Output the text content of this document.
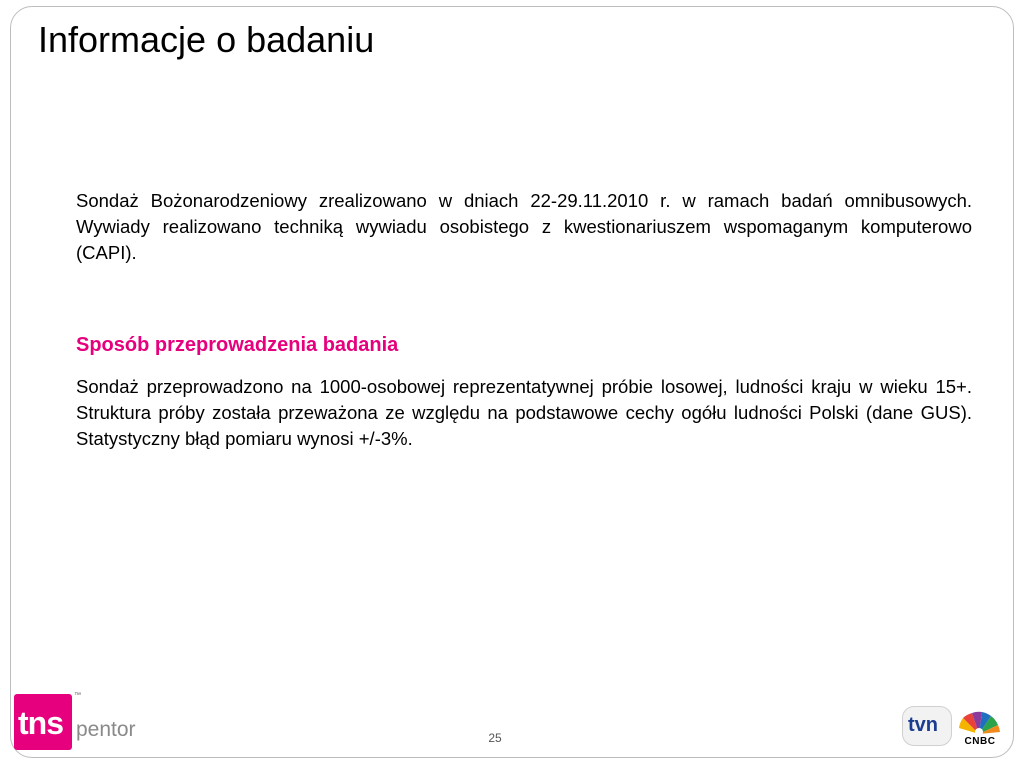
Informacje o badaniu

Sondaż Bożonarodzeniowy zrealizowano w dniach 22-29.11.2010 r. w ramach badań omnibusowych. Wywiady realizowano techniką wywiadu osobistego z kwestionariuszem wspomaganym komputerowo (CAPI).

Sposób przeprowadzenia badania

Sondaż przeprowadzono na 1000-osobowej reprezentatywnej próbie losowej, ludności kraju w wieku 15+. Struktura próby została przeważona ze względu na podstawowe cechy ogółu ludności Polski (dane GUS). Statystyczny błąd pomiaru wynosi +/-3%.

tns
™
pentor	25
tvn
CNBC
